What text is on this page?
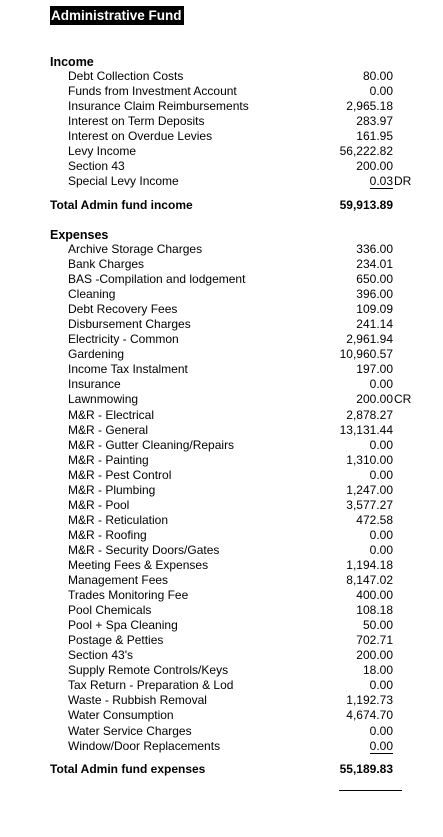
Administrative Fund
Income
Debt Collection Costs	80.00
Funds from Investment Account	0.00
Insurance Claim Reimbursements	2,965.18
Interest on Term Deposits	283.97
Interest on Overdue Levies	161.95
Levy Income	56,222.82
Section 43	200.00
Special Levy Income	0.03 DR
Total Admin fund income	59,913.89
Expenses
Archive Storage Charges	336.00
Bank Charges	234.01
BAS -Compilation and lodgement	650.00
Cleaning	396.00
Debt Recovery Fees	109.09
Disbursement Charges	241.14
Electricity - Common	2,961.94
Gardening	10,960.57
Income Tax Instalment	197.00
Insurance	0.00
Lawnmowing	200.00 CR
M&R - Electrical	2,878.27
M&R - General	13,131.44
M&R - Gutter Cleaning/Repairs	0.00
M&R - Painting	1,310.00
M&R - Pest Control	0.00
M&R - Plumbing	1,247.00
M&R - Pool	3,577.27
M&R - Reticulation	472.58
M&R - Roofing	0.00
M&R - Security Doors/Gates	0.00
Meeting Fees & Expenses	1,194.18
Management Fees	8,147.02
Trades Monitoring Fee	400.00
Pool Chemicals	108.18
Pool + Spa Cleaning	50.00
Postage & Petties	702.71
Section 43's	200.00
Supply Remote Controls/Keys	18.00
Tax Return - Preparation & Lod	0.00
Waste - Rubbish Removal	1,192.73
Water Consumption	4,674.70
Water Service Charges	0.00
Window/Door Replacements	0.00
Total Admin fund expenses	55,189.83
